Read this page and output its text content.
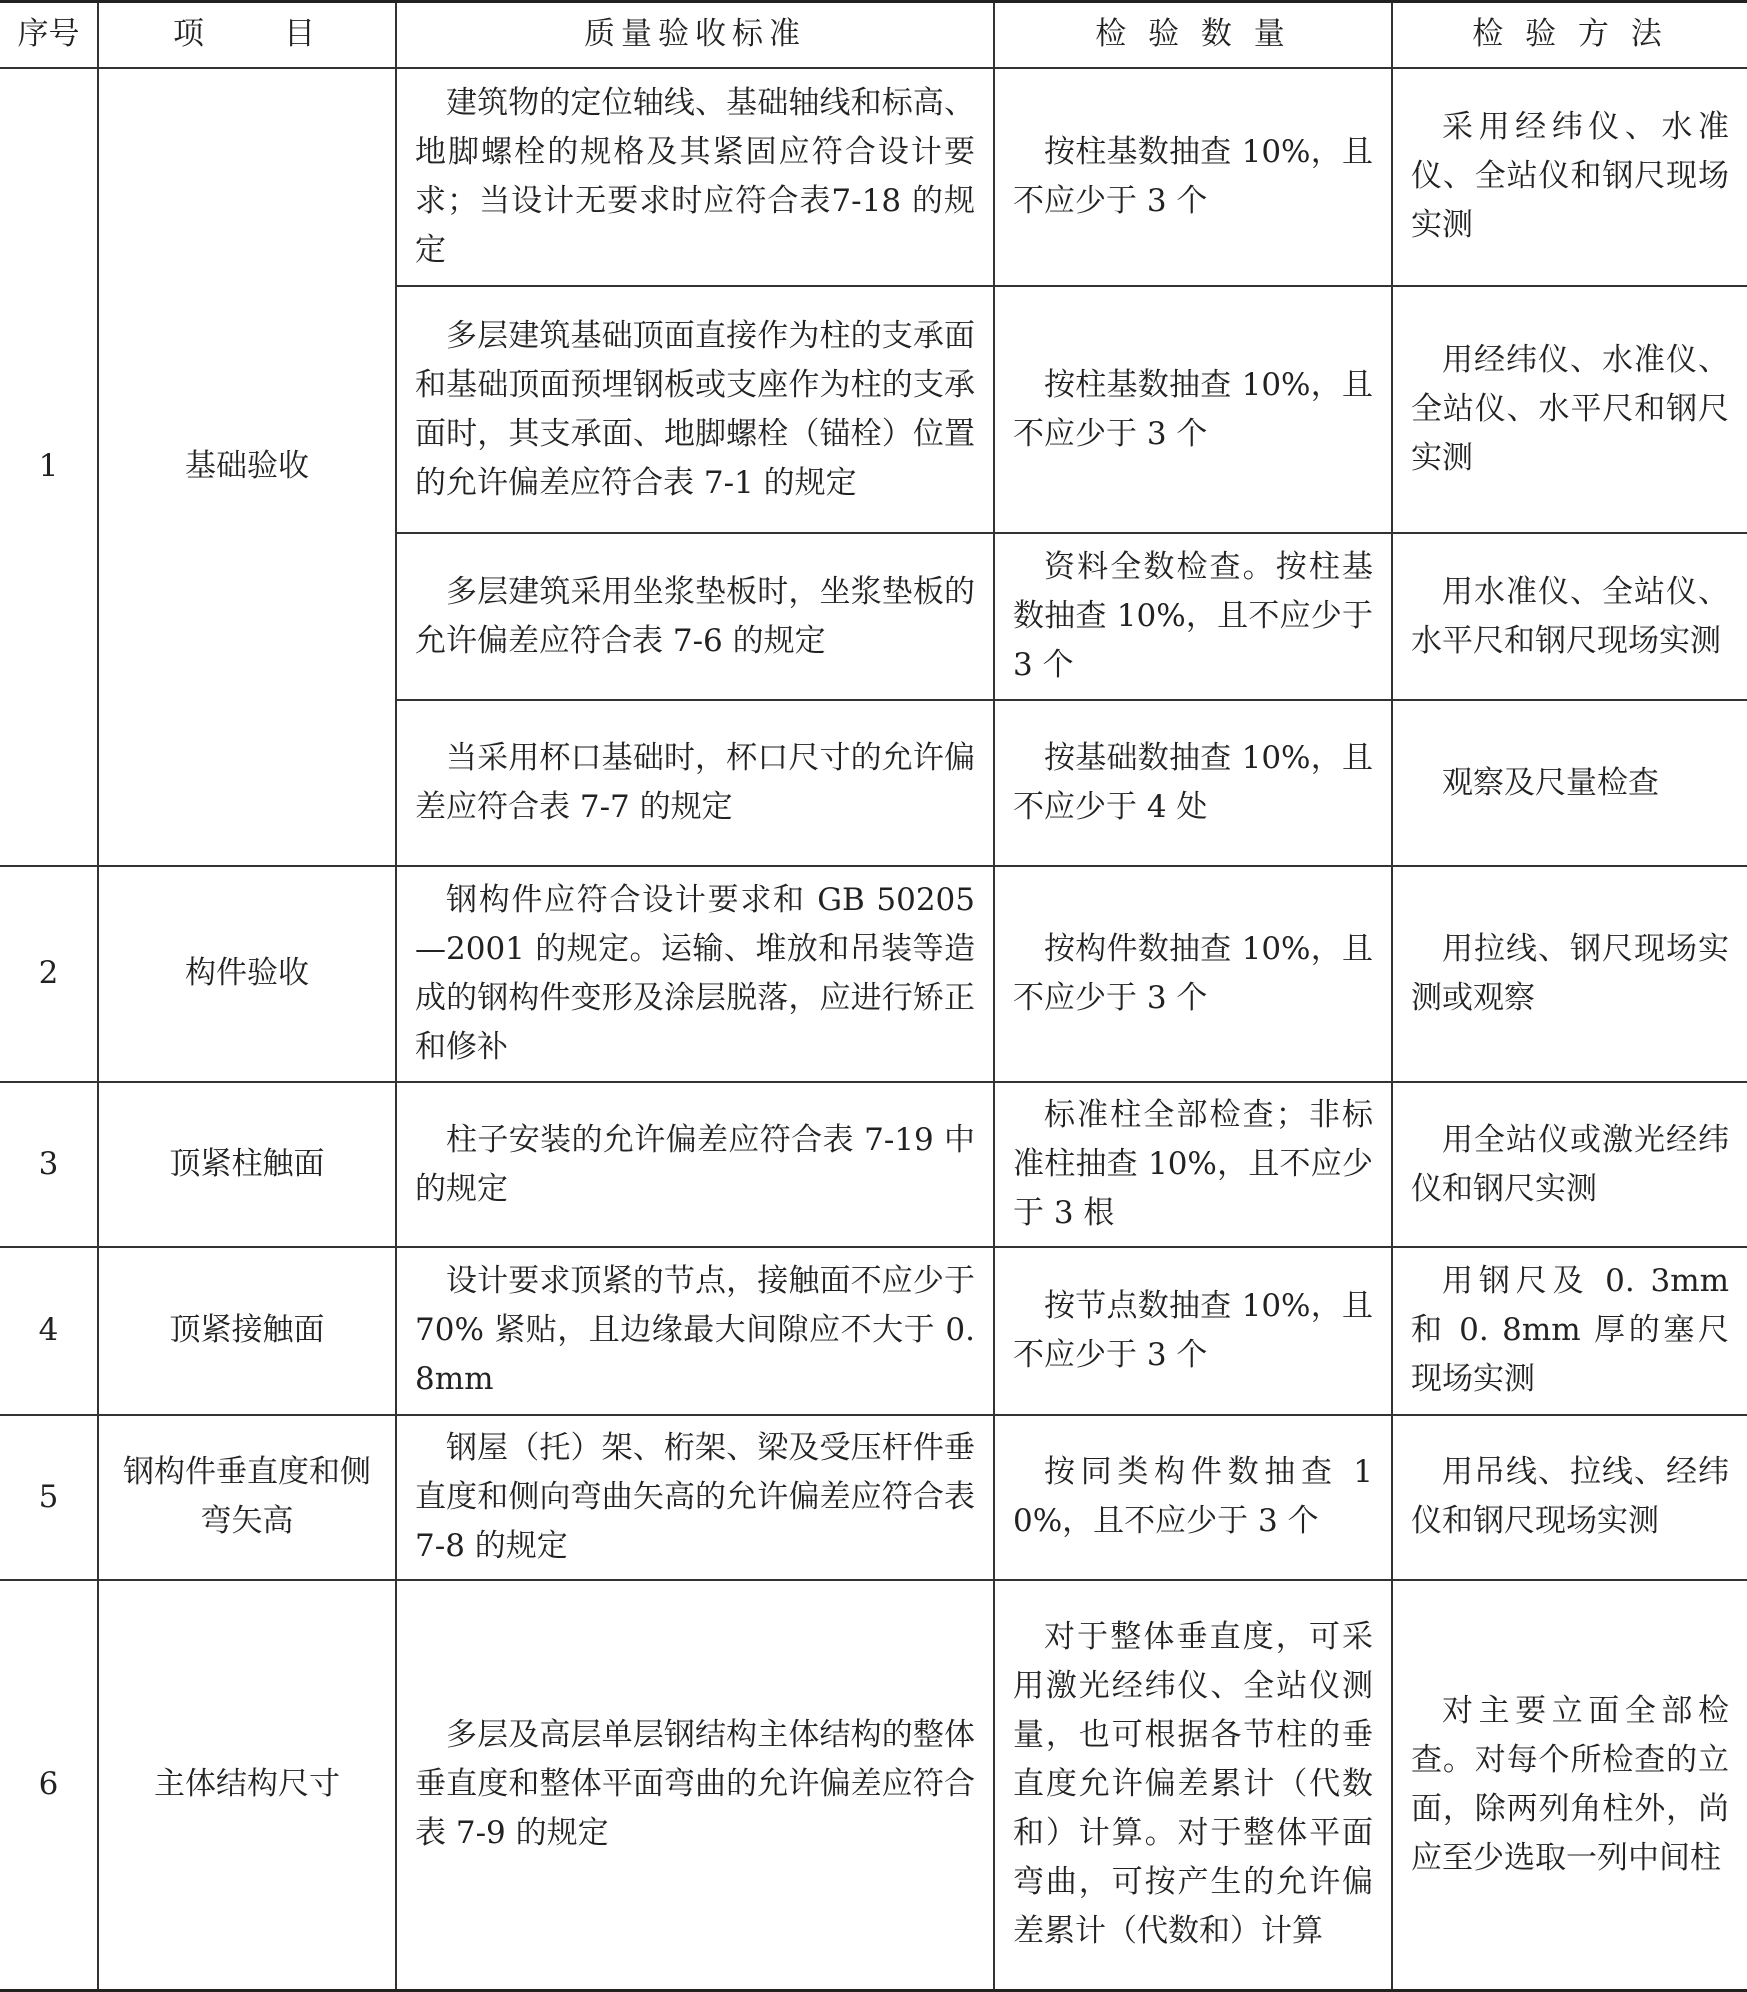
序号	项　　目	质量验收标准	检 验 数 量	检 验 方 法
1	基础验收	建筑物的定位轴线、基础轴线和标高、地脚螺栓的规格及其紧固应符合设计要求；当设计无要求时应符合表7-18 的规定	按柱基数抽查 10%，且不应少于 3 个	采用经纬仪、水准仪、全站仪和钢尺现场实测
		多层建筑基础顶面直接作为柱的支承面和基础顶面预埋钢板或支座作为柱的支承面时，其支承面、地脚螺栓（锚栓）位置的允许偏差应符合表 7-1 的规定	按柱基数抽查 10%，且不应少于 3 个	用经纬仪、水准仪、全站仪、水平尺和钢尺实测
		多层建筑采用坐浆垫板时，坐浆垫板的允许偏差应符合表 7-6 的规定	资料全数检查。按柱基数抽查 10%，且不应少于 3 个	用水准仪、全站仪、水平尺和钢尺现场实测
		当采用杯口基础时，杯口尺寸的允许偏差应符合表 7-7 的规定	按基础数抽查 10%，且不应少于 4 处	观察及尺量检查
2	构件验收	钢构件应符合设计要求和 GB 50205—2001 的规定。运输、堆放和吊装等造成的钢构件变形及涂层脱落，应进行矫正和修补	按构件数抽查 10%，且不应少于 3 个	用拉线、钢尺现场实测或观察
3	顶紧柱触面	柱子安装的允许偏差应符合表 7-19 中的规定	标准柱全部检查；非标准柱抽查 10%，且不应少于 3 根	用全站仪或激光经纬仪和钢尺实测
4	顶紧接触面	设计要求顶紧的节点，接触面不应少于 70% 紧贴，且边缘最大间隙应不大于 0. 8mm	按节点数抽查 10%，且不应少于 3 个	用钢尺及 0. 3mm 和 0. 8mm 厚的塞尺现场实测
5	钢构件垂直度和侧弯矢高	钢屋（托）架、桁架、梁及受压杆件垂直度和侧向弯曲矢高的允许偏差应符合表 7-8 的规定	按同类构件数抽查 10%，且不应少于 3 个	用吊线、拉线、经纬仪和钢尺现场实测
6	主体结构尺寸	多层及高层单层钢结构主体结构的整体垂直度和整体平面弯曲的允许偏差应符合表 7-9 的规定	对于整体垂直度，可采用激光经纬仪、全站仪测量，也可根据各节柱的垂直度允许偏差累计（代数和）计算。对于整体平面弯曲，可按产生的允许偏差累计（代数和）计算	对主要立面全部检查。对每个所检查的立面，除两列角柱外，尚应至少选取一列中间柱
